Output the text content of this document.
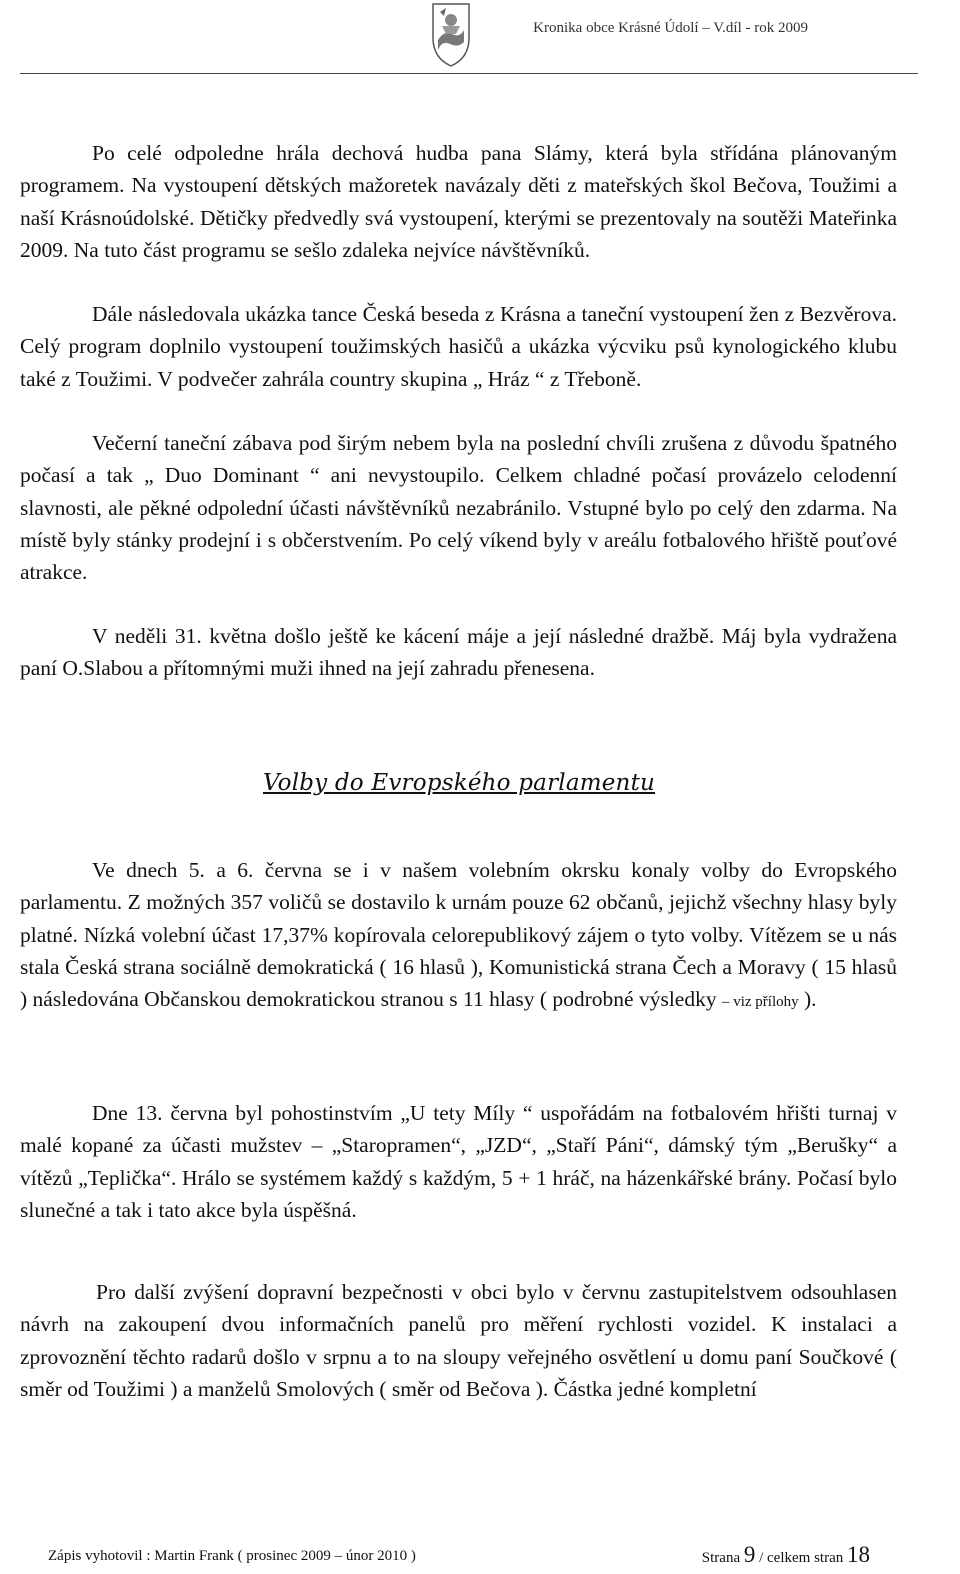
Kronika obce Krásné Údolí – V.díl - rok 2009

Po celé odpoledne hrála dechová hudba pana Slámy, která byla střídána plánovaným programem. Na vystoupení dětských mažoretek navázaly děti z mateřských škol Bečova, Toužimi a naší Krásnoúdolské. Dětičky předvedly svá vystoupení, kterými se prezentovaly na soutěži Mateřinka 2009. Na tuto část programu se sešlo zdaleka nejvíce návštěvníků.

Dále následovala ukázka tance Česká beseda z Krásna a taneční vystoupení žen z Bezvěrova. Celý program doplnilo vystoupení toužimských hasičů a ukázka výcviku psů kynologického klubu také z Toužimi. V podvečer zahrála country skupina „ Hráz “ z Třeboně.

Večerní taneční zábava pod širým nebem byla na poslední chvíli zrušena z důvodu špatného počasí a tak „ Duo Dominant “ ani nevystoupilo. Celkem chladné počasí provázelo celodenní slavnosti, ale pěkné odpolední účasti návštěvníků nezabránilo. Vstupné bylo po celý den zdarma. Na místě byly stánky prodejní i s občerstvením. Po celý víkend byly v areálu fotbalového hřiště pouťové atrakce.

V neděli 31. května došlo ještě ke kácení máje a její následné dražbě. Máj byla vydražena paní O.Slabou a přítomnými muži ihned na její zahradu přenesena.

Volby do Evropského parlamentu

Ve dnech 5. a 6. června se i v našem volebním okrsku konaly volby do Evropského parlamentu. Z možných 357 voličů se dostavilo k urnám pouze 62 občanů, jejichž všechny hlasy byly platné. Nízká volební účast 17,37% kopírovala celorepublikový zájem o tyto volby. Vítězem se u nás stala Česká strana sociálně demokratická ( 16 hlasů ), Komunistická strana Čech a Moravy ( 15 hlasů ) následována Občanskou demokratickou stranou s 11 hlasy ( podrobné výsledky – viz přílohy ).

Dne 13. června byl pohostinstvím „U tety Míly “ uspořádám na fotbalovém hřišti turnaj v malé kopané za účasti mužstev – „Staropramen“, „JZD“, „Staří Páni“, dámský tým „Berušky“ a vítězů „Teplička“. Hrálo se systémem každý s každým, 5 + 1 hráč, na házenkářské brány. Počasí bylo slunečné a tak i tato akce byla úspěšná.

Pro další zvýšení dopravní bezpečnosti v obci bylo v červnu zastupitelstvem odsouhlasen návrh na zakoupení dvou informačních panelů pro měření rychlosti vozidel. K instalaci a zprovoznění těchto radarů došlo v srpnu a to na sloupy veřejného osvětlení u domu paní Součkové ( směr od Toužimi ) a manželů Smolových ( směr od Bečova ). Částka jedné kompletní

Zápis vyhotovil : Martin Frank ( prosinec 2009 – únor 2010 )	Strana 9 / celkem stran 18
